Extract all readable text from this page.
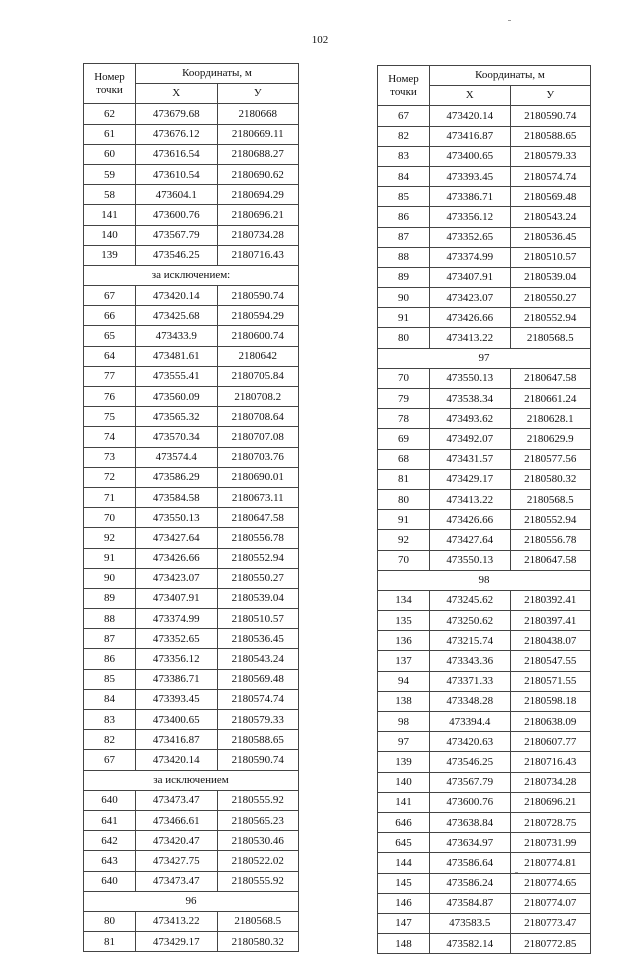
102
Номер
точки	Координаты, м	
	X	У
62	473679.68	2180668
61	473676.12	2180669.11
60	473616.54	2180688.27
59	473610.54	2180690.62
58	473604.1	2180694.29
141	473600.76	2180696.21
140	473567.79	2180734.28
139	473546.25	2180716.43
за исключением:		
67	473420.14	2180590.74
66	473425.68	2180594.29
65	473433.9	2180600.74
64	473481.61	2180642
77	473555.41	2180705.84
76	473560.09	2180708.2
75	473565.32	2180708.64
74	473570.34	2180707.08
73	473574.4	2180703.76
72	473586.29	2180690.01
71	473584.58	2180673.11
70	473550.13	2180647.58
92	473427.64	2180556.78
91	473426.66	2180552.94
90	473423.07	2180550.27
89	473407.91	2180539.04
88	473374.99	2180510.57
87	473352.65	2180536.45
86	473356.12	2180543.24
85	473386.71	2180569.48
84	473393.45	2180574.74
83	473400.65	2180579.33
82	473416.87	2180588.65
67	473420.14	2180590.74
за исключением		
640	473473.47	2180555.92
641	473466.61	2180565.23
642	473420.47	2180530.46
643	473427.75	2180522.02
640	473473.47	2180555.92
96		
80	473413.22	2180568.5
81	473429.17	2180580.32
Номер
точки	Координаты, м	
	X	У
67	473420.14	2180590.74
82	473416.87	2180588.65
83	473400.65	2180579.33
84	473393.45	2180574.74
85	473386.71	2180569.48
86	473356.12	2180543.24
87	473352.65	2180536.45
88	473374.99	2180510.57
89	473407.91	2180539.04
90	473423.07	2180550.27
91	473426.66	2180552.94
80	473413.22	2180568.5
97		
70	473550.13	2180647.58
79	473538.34	2180661.24
78	473493.62	2180628.1
69	473492.07	2180629.9
68	473431.57	2180577.56
81	473429.17	2180580.32
80	473413.22	2180568.5
91	473426.66	2180552.94
92	473427.64	2180556.78
70	473550.13	2180647.58
98		
134	473245.62	2180392.41
135	473250.62	2180397.41
136	473215.74	2180438.07
137	473343.36	2180547.55
94	473371.33	2180571.55
138	473348.28	2180598.18
98	473394.4	2180638.09
97	473420.63	2180607.77
139	473546.25	2180716.43
140	473567.79	2180734.28
141	473600.76	2180696.21
646	473638.84	2180728.75
645	473634.97	2180731.99
144	473586.64	2180774.81
145	473586.24	2180774.65
146	473584.87	2180774.07
147	473583.5	2180773.47
148	473582.14	2180772.85
